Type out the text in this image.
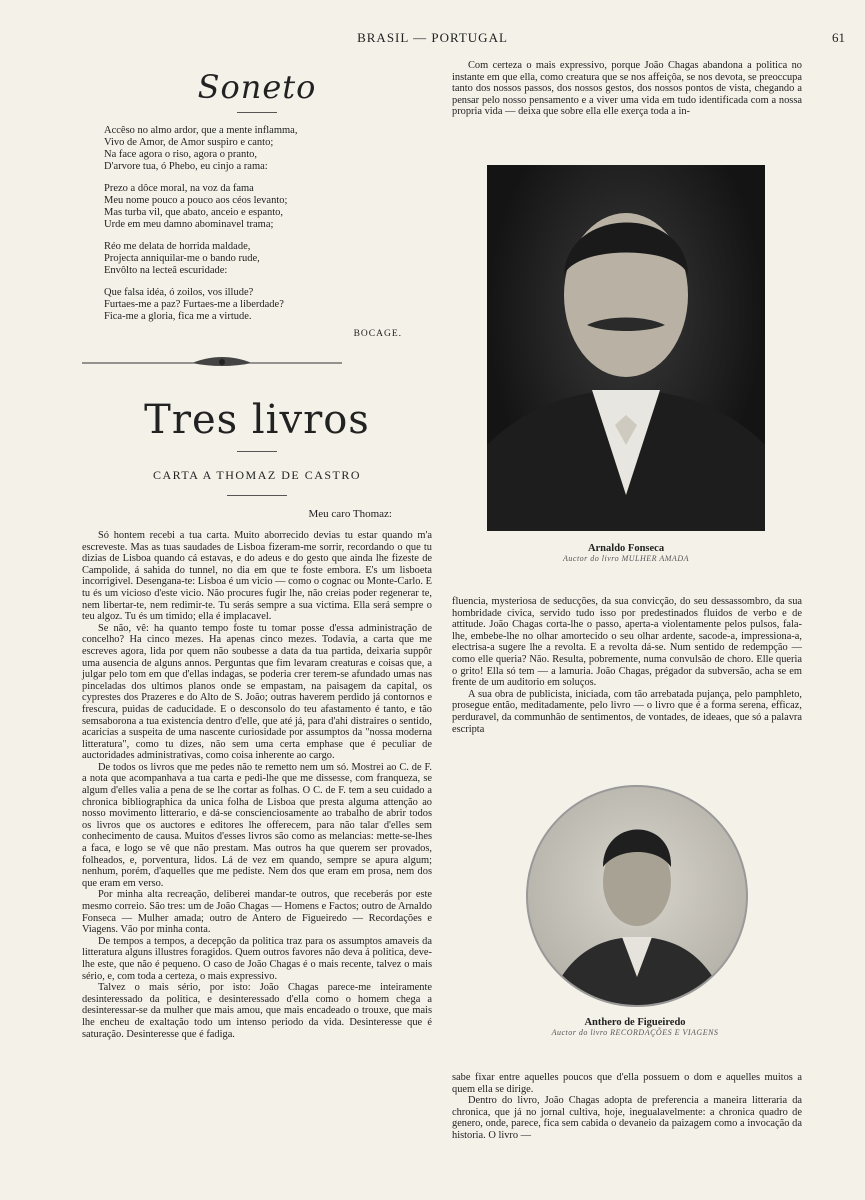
BRASIL — PORTUGAL	61
Soneto
Accêso no almo ardor, que a mente inflamma,
Vivo de Amor, de Amor suspiro e canto;
Na face agora o riso, agora o pranto,
D'arvore tua, ó Phebo, eu cinjo a rama:
Prezo a dôce moral, na voz da fama
Meu nome pouco a pouco aos céos levanto;
Mas turba vil, que abato, anceio e espanto,
Urde em meu damno abominavel trama;
Réo me delata de horrida maldade,
Projecta anniquilar-me o bando rude,
Envôlto na lecteâ escuridade:
Que falsa idéa, ó zoilos, vos illude?
Furtaes-me a paz? Furtaes-me a liberdade?
Fica-me a gloria, fica me a virtude.
BOCAGE.
Tres livros
CARTA A THOMAZ DE CASTRO
Meu caro Thomaz:

Só hontem recebi a tua carta. Muito aborrecido devias tu estar quando m'a escreveste. Mas as tuas saudades de Lisboa fizeram-me sorrir, recordando o que tu dizias de Lisboa quando cá estavas, e do adeus e do gesto que ainda lhe fizeste de Campolide, á sahida do tunnel, no dia em que te foste embora. E's um lisboeta incorrigivel. Desengana-te: Lisboa é um vicio — como o cognac ou Monte-Carlo. E tu és um vicioso d'este vicio. Não procures fugir lhe, não creias poder regenerar te, nem libertar-te, nem redimir-te. Tu serás sempre a sua victima. Ella será sempre o teu algoz. Tu és um timido; ella é implacavel.

Se não, vê: ha quanto tempo foste tu tomar posse d'essa administração de concelho? Ha cinco mezes. Ha apenas cinco mezes. Todavia, a carta que me escreves agora, lida por quem não soubesse a data da tua partida, deixaria suppôr uma ausencia de alguns annos. Perguntas que fim levaram creaturas e coisas que, a julgar pelo tom em que d'ellas indagas, se poderia crer terem-se afundado umas nas pinceladas dos ultimos planos onde se empastam, na paisagem da capital, os cyprestes dos Prazeres e do Alto de S. João; outras haverem perdido já contornos e frescura, puidas de caducidade. E o desconsolo do teu afastamento é tanto, e tão semsaborona a tua existencia dentro d'elle, que até já, para d'ahi distraires o sentido, acaricias a suspeita de uma nascente curiosidade por assumptos da "nossa moderna litteratura", como tu dizes, não sem uma certa emphase que é peculiar de auctoridades administrativas, como coisa inherente ao cargo.

De todos os livros que me pedes não te remetto nem um só. Mostrei ao C. de F. a nota que acompanhava a tua carta e pedi-lhe que me dissesse, com franqueza, se algum d'elles valia a pena de se lhe cortar as folhas. O C. de F. tem a seu cuidado a chronica bibliographica da unica folha de Lisboa que presta alguma attenção ao nosso movimento litterario, e dá-se conscienciosamente ao trabalho de abrir todos os livros que os auctores e editores lhe offerecem, para não talar d'elles sem conhecimento de causa. Muitos d'esses livros são como as melancias: mette-se-lhes a faca, e logo se vê que não prestam. Mas outros ha que querem ser provados, folheados, e, porventura, lidos. Lá de vez em quando, sempre se apura algum; nenhum, porém, d'aquelles que me pediste. Nem dos que eram em prosa, nem dos que eram em verso.

Por minha alta recreação, deliberei mandar-te outros, que receberás por este mesmo correio. São tres: um de João Chagas — Homens e Factos; outro de Arnaldo Fonseca — Mulher amada; outro de Antero de Figueiredo — Recordações e Viagens. Vão por minha conta.

De tempos a tempos, a decepção da politica traz para os assumptos amaveis da litteratura alguns illustres foragidos. Quem outros favores não deva á politica, deve-lhe este, que não é pequeno. O caso de João Chagas é o mais recente, talvez o mais sério, e, com toda a certeza, o mais expressivo.

Talvez o mais sério, por isto: João Chagas parece-me inteiramente desinteressado da politica, e desinteressado d'ella como o homem chega a desinteressar-se da mulher que mais amou, que mais encadeado o trouxe, que mais lhe encheu de exaltação todo um intenso periodo da vida. Desinteresse que é saturação. Desinteresse que é fadiga.

Com certeza o mais expressivo, porque João Chagas abandona a politica no instante em que ella, como creatura que se nos affeiçôa, se nos devota, se preoccupa tanto dos nossos passos, dos nossos gestos, dos nossos pontos de vista, chegando a pensar pelo nosso pensamento e a viver uma vida em tudo identificada com a nossa propria vida — deixa que sobre ella elle exerça toda a in-

Arnaldo Fonseca
Auctor do livro MULHER AMADA

fluencia, mysteriosa de seducções, da sua convicção, do seu dessassombro, da sua hombridade civica, servido tudo isso por predestinados fluidos de verbo e de attitude. João Chagas corta-lhe o passo, aperta-a violentamente pelos pulsos, fala-lhe, embebe-lhe no olhar amortecido o seu olhar ardente, sacode-a, impressiona-a, electrisa-a sugere lhe a revolta. E a revolta dá-se. Num sentido de redempção — como elle queria? Não. Resulta, pobremente, numa convulsão de choro. Elle queria o grito! Ella só tem — a lamuria. João Chagas, prégador da subversão, acha se em frente de um auditorio em soluços.

A sua obra de publicista, iniciada, com tão arrebatada pujança, pelo pamphleto, prosegue então, meditadamente, pelo livro — o livro que é a forma serena, efficaz, perduravel, da communhão de sentimentos, de vontades, de ideaes, que só a palavra escripta

Anthero de Figueiredo
Auctor do livro RECORDAÇÕES E VIAGENS

sabe fixar entre aquelles poucos que d'ella possuem o dom e aquelles muitos a quem ella se dirige.

Dentro do livro, João Chagas adopta de preferencia a maneira litteraria da chronica, que já no jornal cultiva, hoje, inegualavelmente: a chronica quadro de genero, onde, parece, fica sem cabida o devaneio da paizagem como a invocação da historia. O livro —
